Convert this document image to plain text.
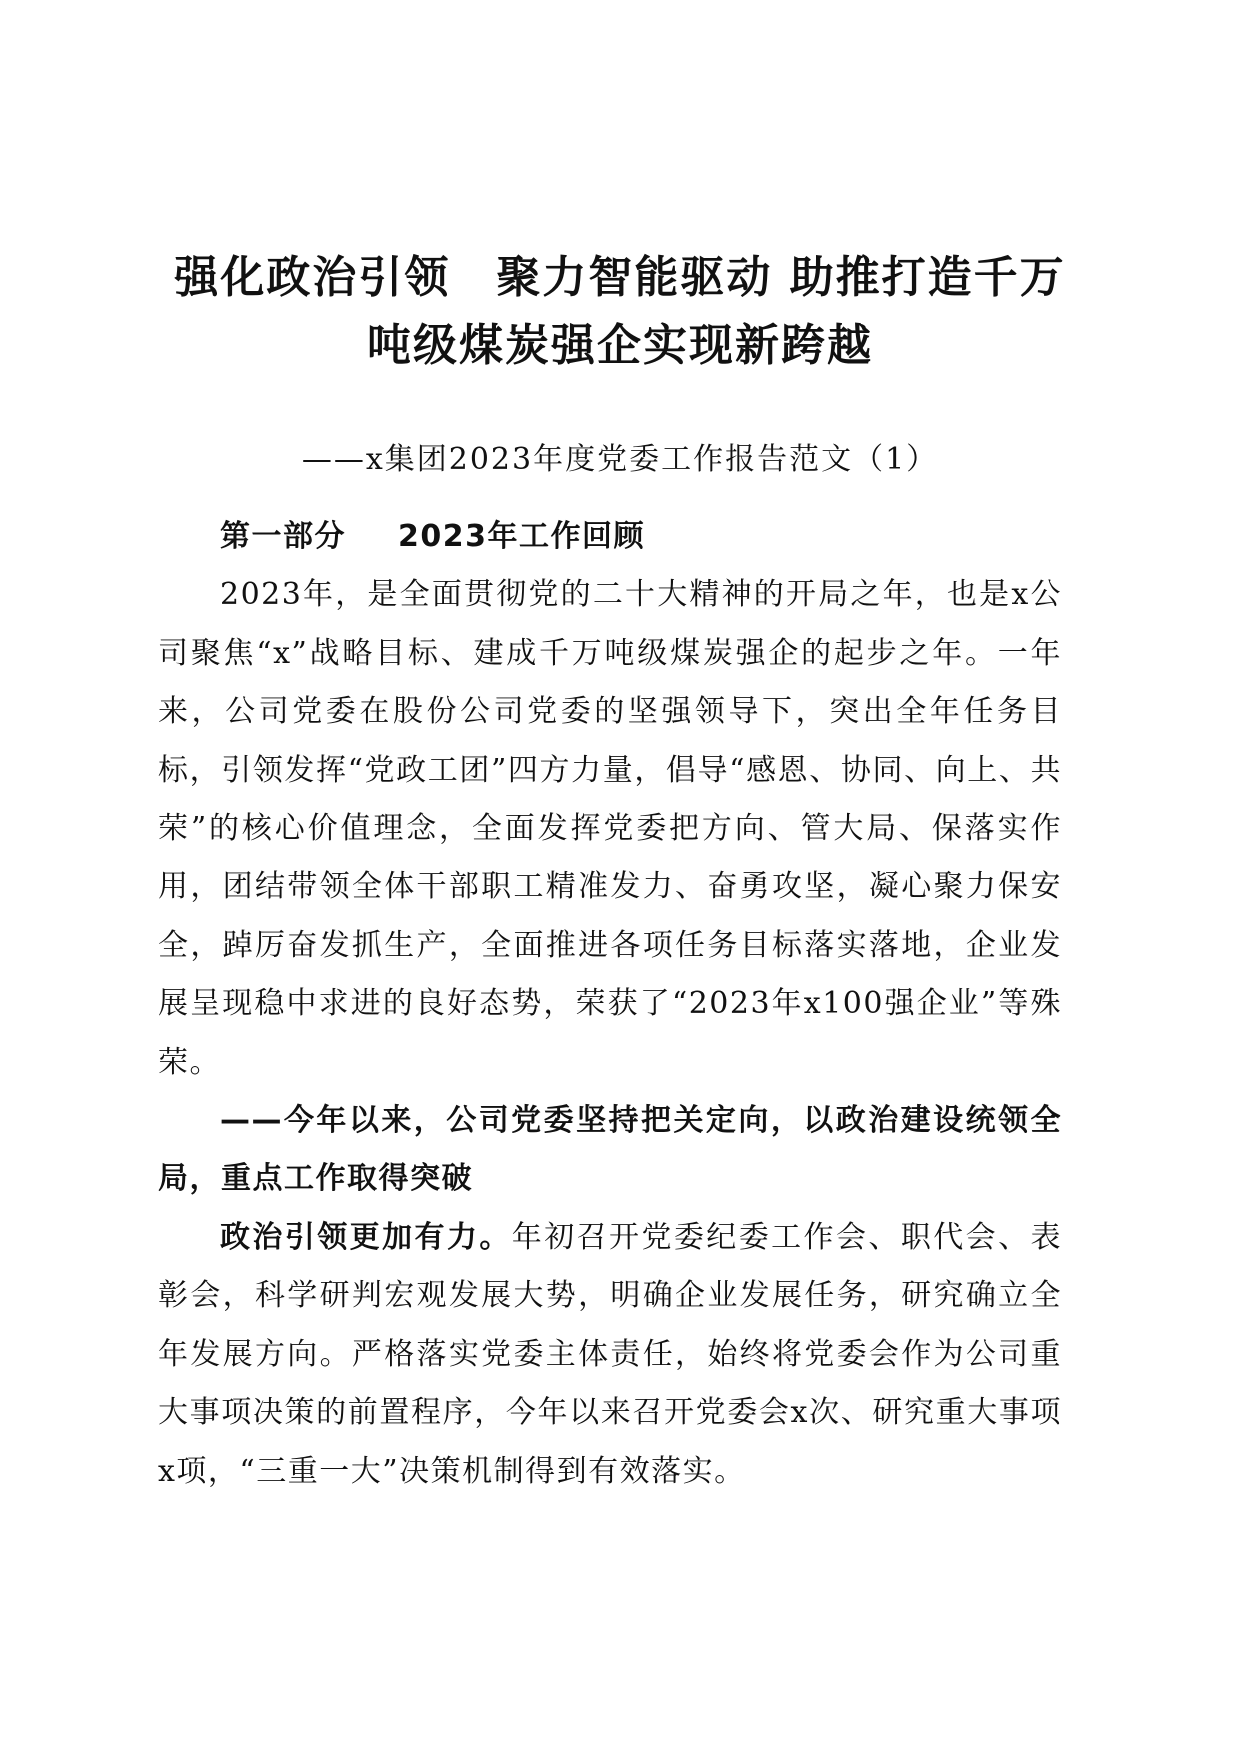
强化政治引领　聚力智能驱动 助推打造千万
吨级煤炭强企实现新跨越

——x集团2023年度党委工作报告范文（1）

第一部分 2023年工作回顾

2023年，是全面贯彻党的二十大精神的开局之年，也是x公司聚焦“x”战略目标、建成千万吨级煤炭强企的起步之年。一年来，公司党委在股份公司党委的坚强领导下，突出全年任务目标，引领发挥“党政工团”四方力量，倡导“感恩、协同、向上、共荣”的核心价值理念，全面发挥党委把方向、管大局、保落实作用，团结带领全体干部职工精准发力、奋勇攻坚，凝心聚力保安全，踔厉奋发抓生产，全面推进各项任务目标落实落地，企业发展呈现稳中求进的良好态势，荣获了“2023年x100强企业”等殊荣。

——今年以来，公司党委坚持把关定向，以政治建设统领全局，重点工作取得突破

政治引领更加有力。年初召开党委纪委工作会、职代会、表彰会，科学研判宏观发展大势，明确企业发展任务，研究确立全年发展方向。严格落实党委主体责任，始终将党委会作为公司重大事项决策的前置程序，今年以来召开党委会x次、研究重大事项x项，“三重一大”决策机制得到有效落实。
